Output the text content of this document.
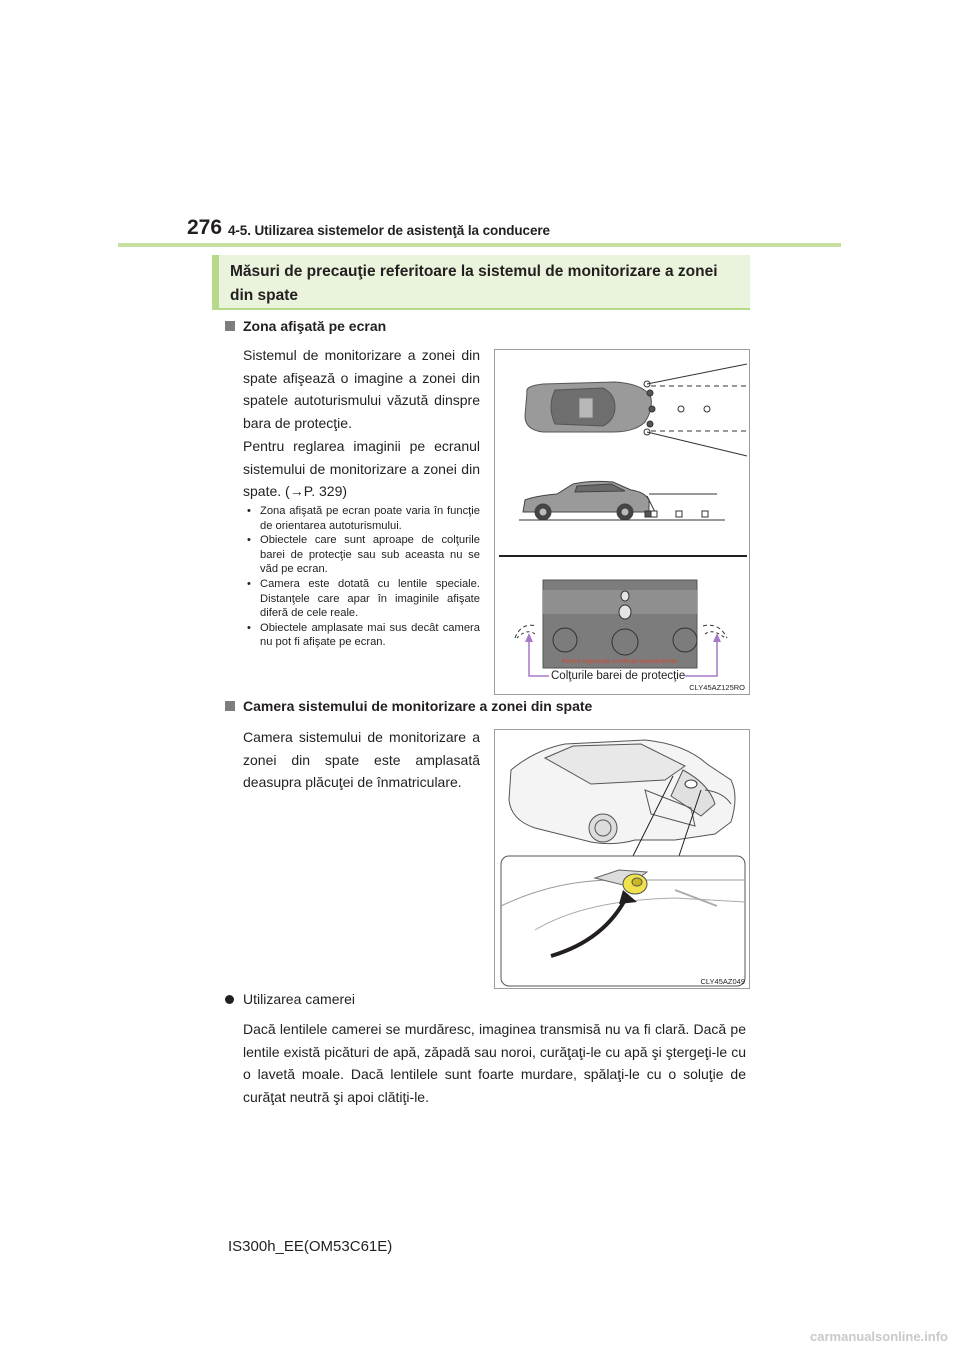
276 4-5. Utilizarea sistemelor de asistenţă la conducere
Măsuri de precauţie referitoare la sistemul de monitorizare a zonei din spate
Zona afişată pe ecran

Sistemul de monitorizare a zonei din spate afişează o imagine a zonei din spatele autoturismului văzută dinspre bara de protecţie.

Pentru reglarea imaginii pe ecranul sistemului de monitorizare a zonei din spate. (→P. 329)

• Zona afişată pe ecran poate varia în funcţie de orientarea autoturismului.
• Obiectele care sunt aproape de colţurile barei de protecţie sau sub aceasta nu se văd pe ecran.
• Camera este dotată cu lentile speciale. Distanţele care apar în imaginile afişate diferă de cele reale.
• Obiectele amplasate mai sus decât camera nu pot fi afişate pe ecran.
Pentru siguranţă, verificaţi împrejurimile.
Colţurile barei de protecţie
CLY45AZ125RO
Camera sistemului de monitorizare a zonei din spate

Camera sistemului de monitorizare a zonei din spate este amplasată deasupra plăcuţei de înmatriculare.

CLY45AZ049
Utilizarea camerei

Dacă lentilele camerei se murdăresc, imaginea transmisă nu va fi clară. Dacă pe lentile există picături de apă, zăpadă sau noroi, curăţaţi-le cu apă şi ştergeţi-le cu o lavetă moale. Dacă lentilele sunt foarte murdare, spălaţi-le cu o soluţie de curăţat neutră şi apoi clătiţi-le.

IS300h_EE(OM53C61E)
carmanualsonline.info
